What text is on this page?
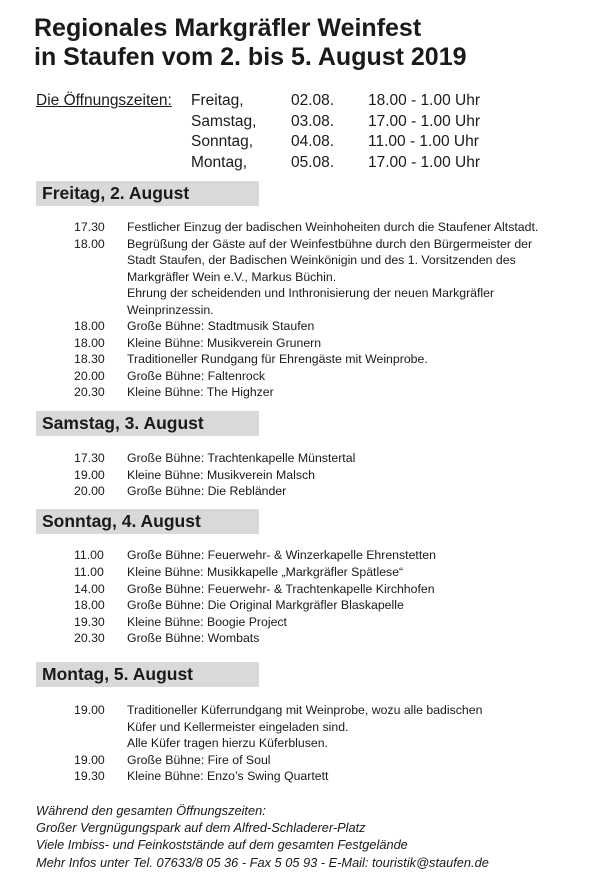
Regionales Markgräfler Weinfest
in Staufen vom 2. bis 5. August 2019
Die Öffnungszeiten: Freitag,	02.08. 18.00 - 1.00 Uhr
Samstag, 03.08. 17.00 - 1.00 Uhr
Sonntag, 04.08. 11.00 - 1.00 Uhr
Montag,	05.08. 17.00 - 1.00 Uhr
Freitag, 2. August
17.30 Festlicher Einzug der badischen Weinhoheiten durch die Staufener Altstadt.
18.00 Begrüßung der Gäste auf der Weinfestbühne durch den Bürgermeister der
Stadt Staufen, der Badischen Weinkönigin und des 1. Vorsitzenden des
Markgräfler Wein e.V., Markus Büchin.
Ehrung der scheidenden und Inthronisierung der neuen Markgräfler
Weinprinzessin.
18.00 Große Bühne: Stadtmusik Staufen
18.00 Kleine Bühne: Musikverein Grunern
18.30 Traditioneller Rundgang für Ehrengäste mit Weinprobe.
20.00 Große Bühne: Faltenrock
20.30 Kleine Bühne: The Highzer
Samstag, 3. August
17.30 Große Bühne: Trachtenkapelle Münstertal
19.00 Kleine Bühne: Musikverein Malsch
20.00 Große Bühne: Die Rebländer
Sonntag, 4. August
11.00 Große Bühne: Feuerwehr- & Winzerkapelle Ehrenstetten
11.00 Kleine Bühne: Musikkapelle „Markgräfler Spätlese“
14.00 Große Bühne: Feuerwehr- & Trachtenkapelle Kirchhofen
18.00 Große Bühne: Die Original Markgräfler Blaskapelle
19.30 Kleine Bühne: Boogie Project
20.30 Große Bühne: Wombats
Montag, 5. August
19.00 Traditioneller Küferrundgang mit Weinprobe, wozu alle badischen
Küfer und Kellermeister eingeladen sind.
Alle Küfer tragen hierzu Küferblusen.
19.00 Große Bühne: Fire of Soul
19.30 Kleine Bühne: Enzo’s Swing Quartett
Während den gesamten Öffnungszeiten:
Großer Vergnügungspark auf dem Alfred-Schladerer-Platz
Viele Imbiss- und Feinkoststände auf dem gesamten Festgelände
Mehr Infos unter Tel. 07633/8 05 36 - Fax 5 05 93 - E-Mail: touristik@staufen.de
